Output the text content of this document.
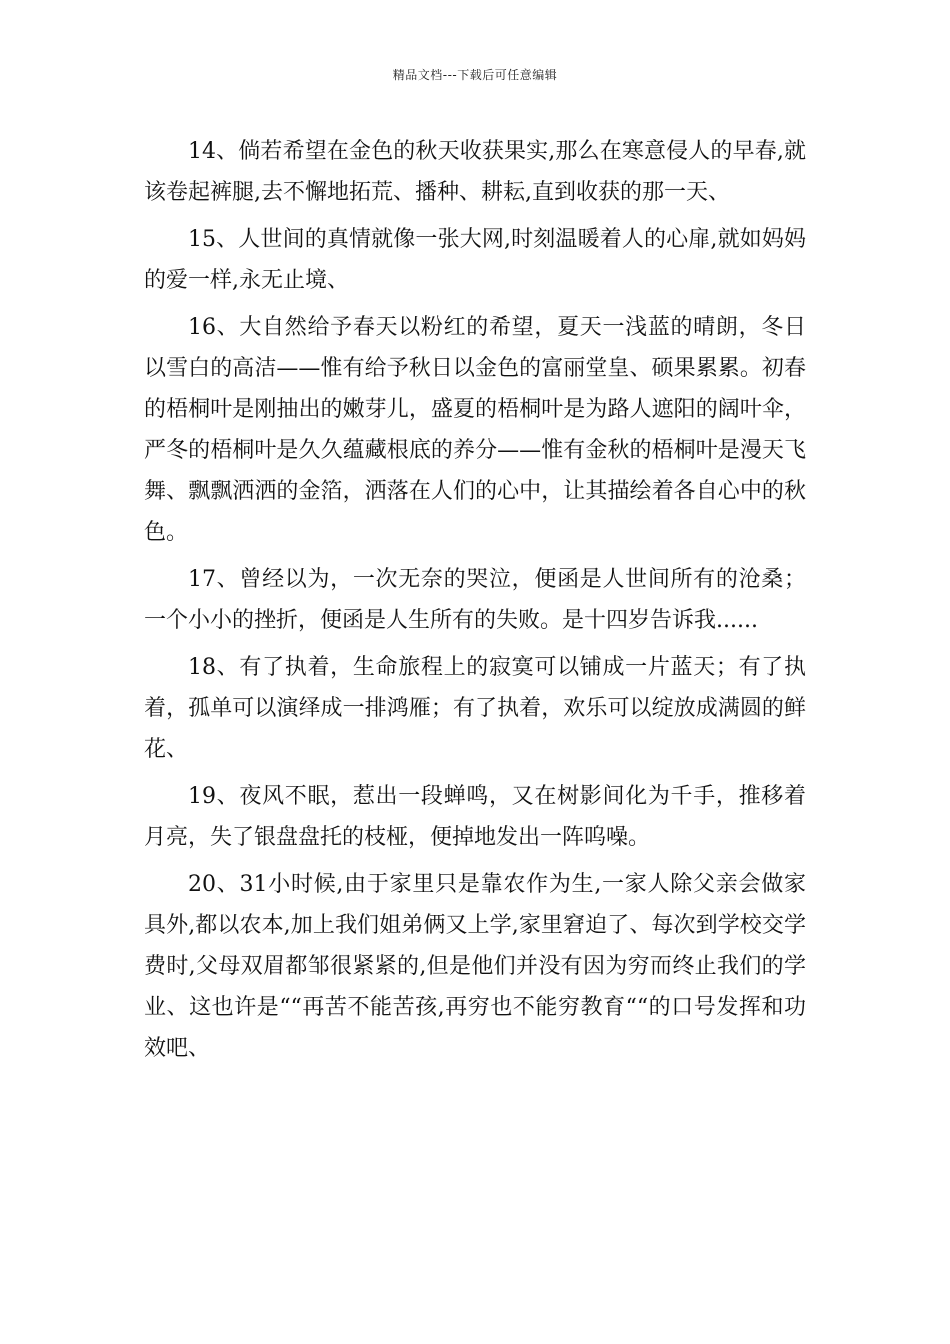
精品文档---下载后可任意编辑

14、倘若希望在金色的秋天收获果实,那么在寒意侵人的早春,就该卷起裤腿,去不懈地拓荒、播种、耕耘,直到收获的那一天、

15、人世间的真情就像一张大网,时刻温暖着人的心扉,就如妈妈的爱一样,永无止境、

16、大自然给予春天以粉红的希望，夏天一浅蓝的晴朗，冬日以雪白的高洁——惟有给予秋日以金色的富丽堂皇、硕果累累。初春的梧桐叶是刚抽出的嫩芽儿，盛夏的梧桐叶是为路人遮阳的阔叶伞，严冬的梧桐叶是久久蕴藏根底的养分——惟有金秋的梧桐叶是漫天飞舞、飘飘洒洒的金箔，洒落在人们的心中，让其描绘着各自心中的秋色。

17、曾经以为，一次无奈的哭泣，便函是人世间所有的沧桑；一个小小的挫折，便函是人生所有的失败。是十四岁告诉我......

18、有了执着，生命旅程上的寂寞可以铺成一片蓝天；有了执着，孤单可以演绎成一排鸿雁；有了执着，欢乐可以绽放成满圆的鲜花、

19、夜风不眠，惹出一段蝉鸣，又在树影间化为千手，推移着月亮，失了银盘盘托的枝桠，便掉地发出一阵呜噪。

20、31小时候,由于家里只是靠农作为生,一家人除父亲会做家具外,都以农本,加上我们姐弟俩又上学,家里窘迫了、每次到学校交学费时,父母双眉都邹很紧紧的,但是他们并没有因为穷而终止我们的学业、这也许是““再苦不能苦孩,再穷也不能穷教育““的口号发挥和功效吧、
